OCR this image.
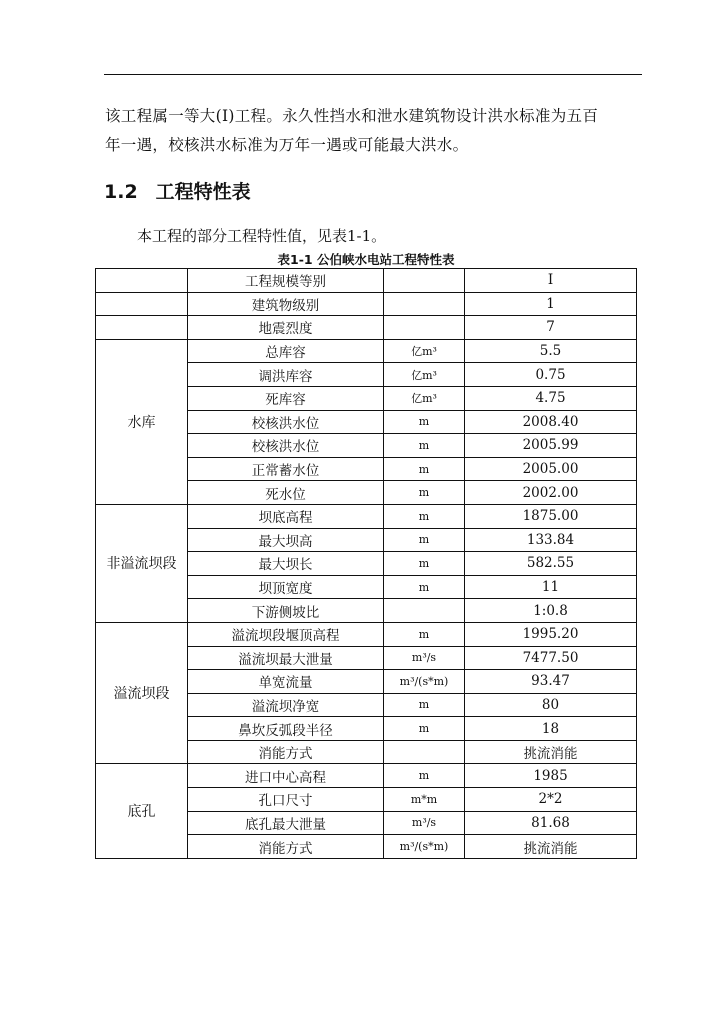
该工程属一等大(Ⅰ)工程。永久性挡水和泄水建筑物设计洪水标准为五百
年一遇，校核洪水标准为万年一遇或可能最大洪水。
1.2 工程特性表
本工程的部分工程特性值，见表1-1。
表1-1 公伯峡水电站工程特性表
	工程规模等别		Ⅰ
	建筑物级别		1
	地震烈度		7
水库	总库容	亿m³	5.5
	调洪库容	亿m³	0.75
	死库容	亿m³	4.75
	校核洪水位	m	2008.40
	校核洪水位	m	2005.99
	正常蓄水位	m	2005.00
	死水位	m	2002.00
非溢流坝段	坝底高程	m	1875.00
	最大坝高	m	133.84
	最大坝长	m	582.55
	坝顶宽度	m	11
	下游侧坡比		1:0.8
溢流坝段	溢流坝段堰顶高程	m	1995.20
	溢流坝最大泄量	m³/s	7477.50
	单宽流量	m³/(s*m)	93.47
	溢流坝净宽	m	80
	鼻坎反弧段半径	m	18
	消能方式		挑流消能
底孔	进口中心高程	m	1985
	孔口尺寸	m*m	2*2
	底孔最大泄量	m³/s	81.68
	消能方式	m³/(s*m)	挑流消能
